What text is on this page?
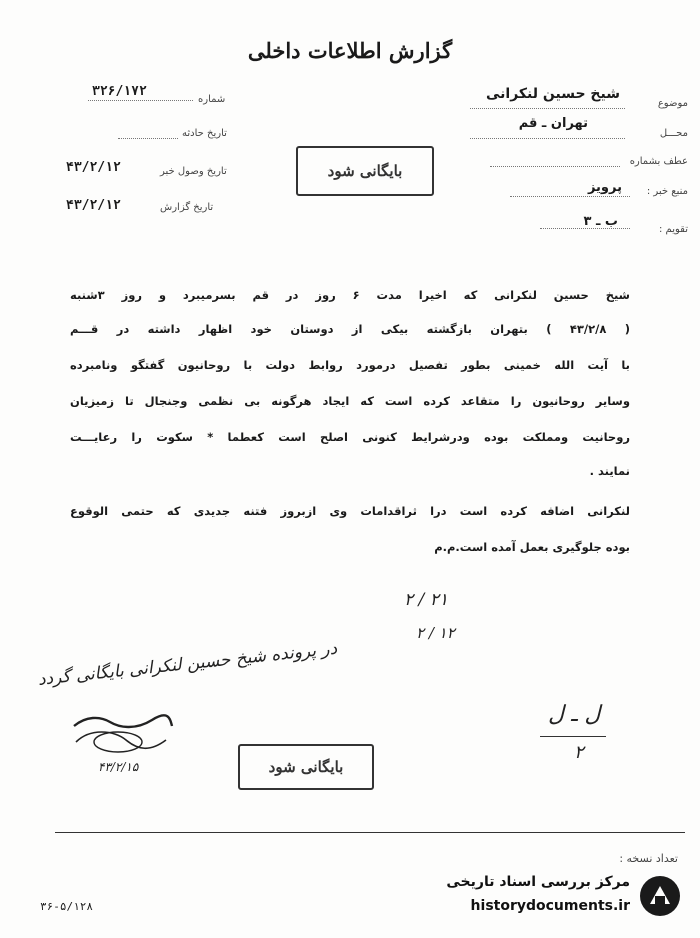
گزارش اطلاعات داخلی
موضوع
شیخ حسین لنکرانی
محـــل
تهران ـ قم
عطف بشماره
منبع خبر :
پرویز
تقویم :
ب ـ ۳
شماره
۳۲۶/۱۷۲
تاریخ حادثه
تاریخ وصول خبر
۴۳/۲/۱۲
تاریخ گزارش
۴۳/۲/۱۲
بایگانی شود
شیخ حسین لنکرانی که اخیرا مدت ۶ روز در قم بسرمیبرد و روز ۳شنبه
( ۴۳/۲/۸ ) بتهران بازگشته بیکی از دوستان خود اظهار داشته در قـــم
با آیت الله خمینی بطور تفصیل درمورد روابط دولت با روحانیون گفتگو ونامبرده
وسایر روحانیون را متقاعد کرده است که ایجاد هرگونه بی نظمی وجنجال تا زمیزیان
روحانیت ومملکت بوده ودرشرایط کنونی اصلح است کعطما * سکوت را رعایـــت
نمایند .
لنکرانی اضافه کرده است درا ثراقدامات وی ازبروز فتنه جدیدی که حتمی الوقوع
بوده جلوگیری بعمل آمده است.م.م
۲۱ / ۲
۱۲ / ۲
در پرونده شیخ حسین لنکرانی بایگانی گردد
ل ـ ل
۲
۴۳/۲/۱۵	بایگانی شود
تعداد نسخه :
۳۶-۵/۱۲۸
مرکز بررسی اسناد تاریخی
historydocuments.ir
